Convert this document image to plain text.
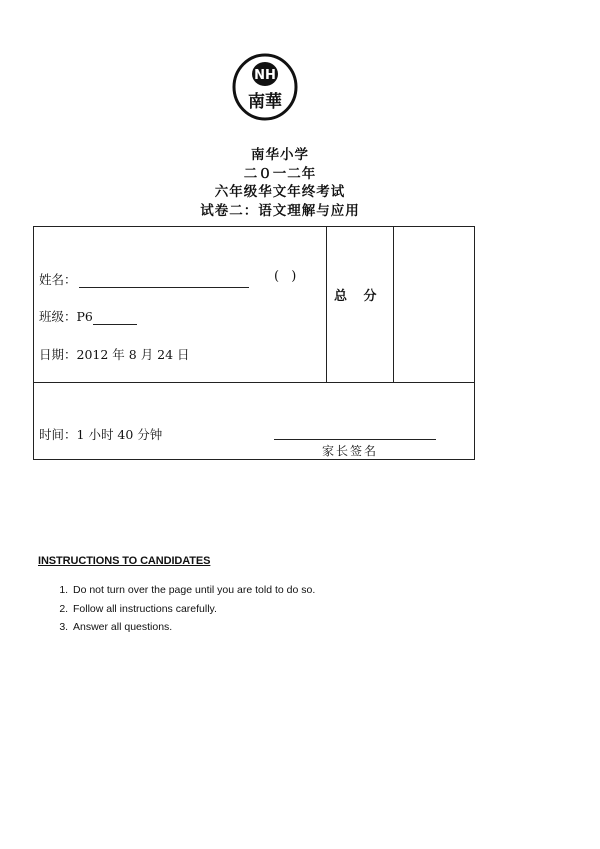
NH
南華
南华小学
二０一二年
六年级华文年终考试
试卷二：语文理解与应用
姓名：	( )
班级：P6
日期：2012 年 8 月 24 日
总 分
时间：1 小时 40 分钟
家长签名
INSTRUCTIONS TO CANDIDATES
1. Do not turn over the page until you are told to do so.
2. Follow all instructions carefully.
3. Answer all questions.
